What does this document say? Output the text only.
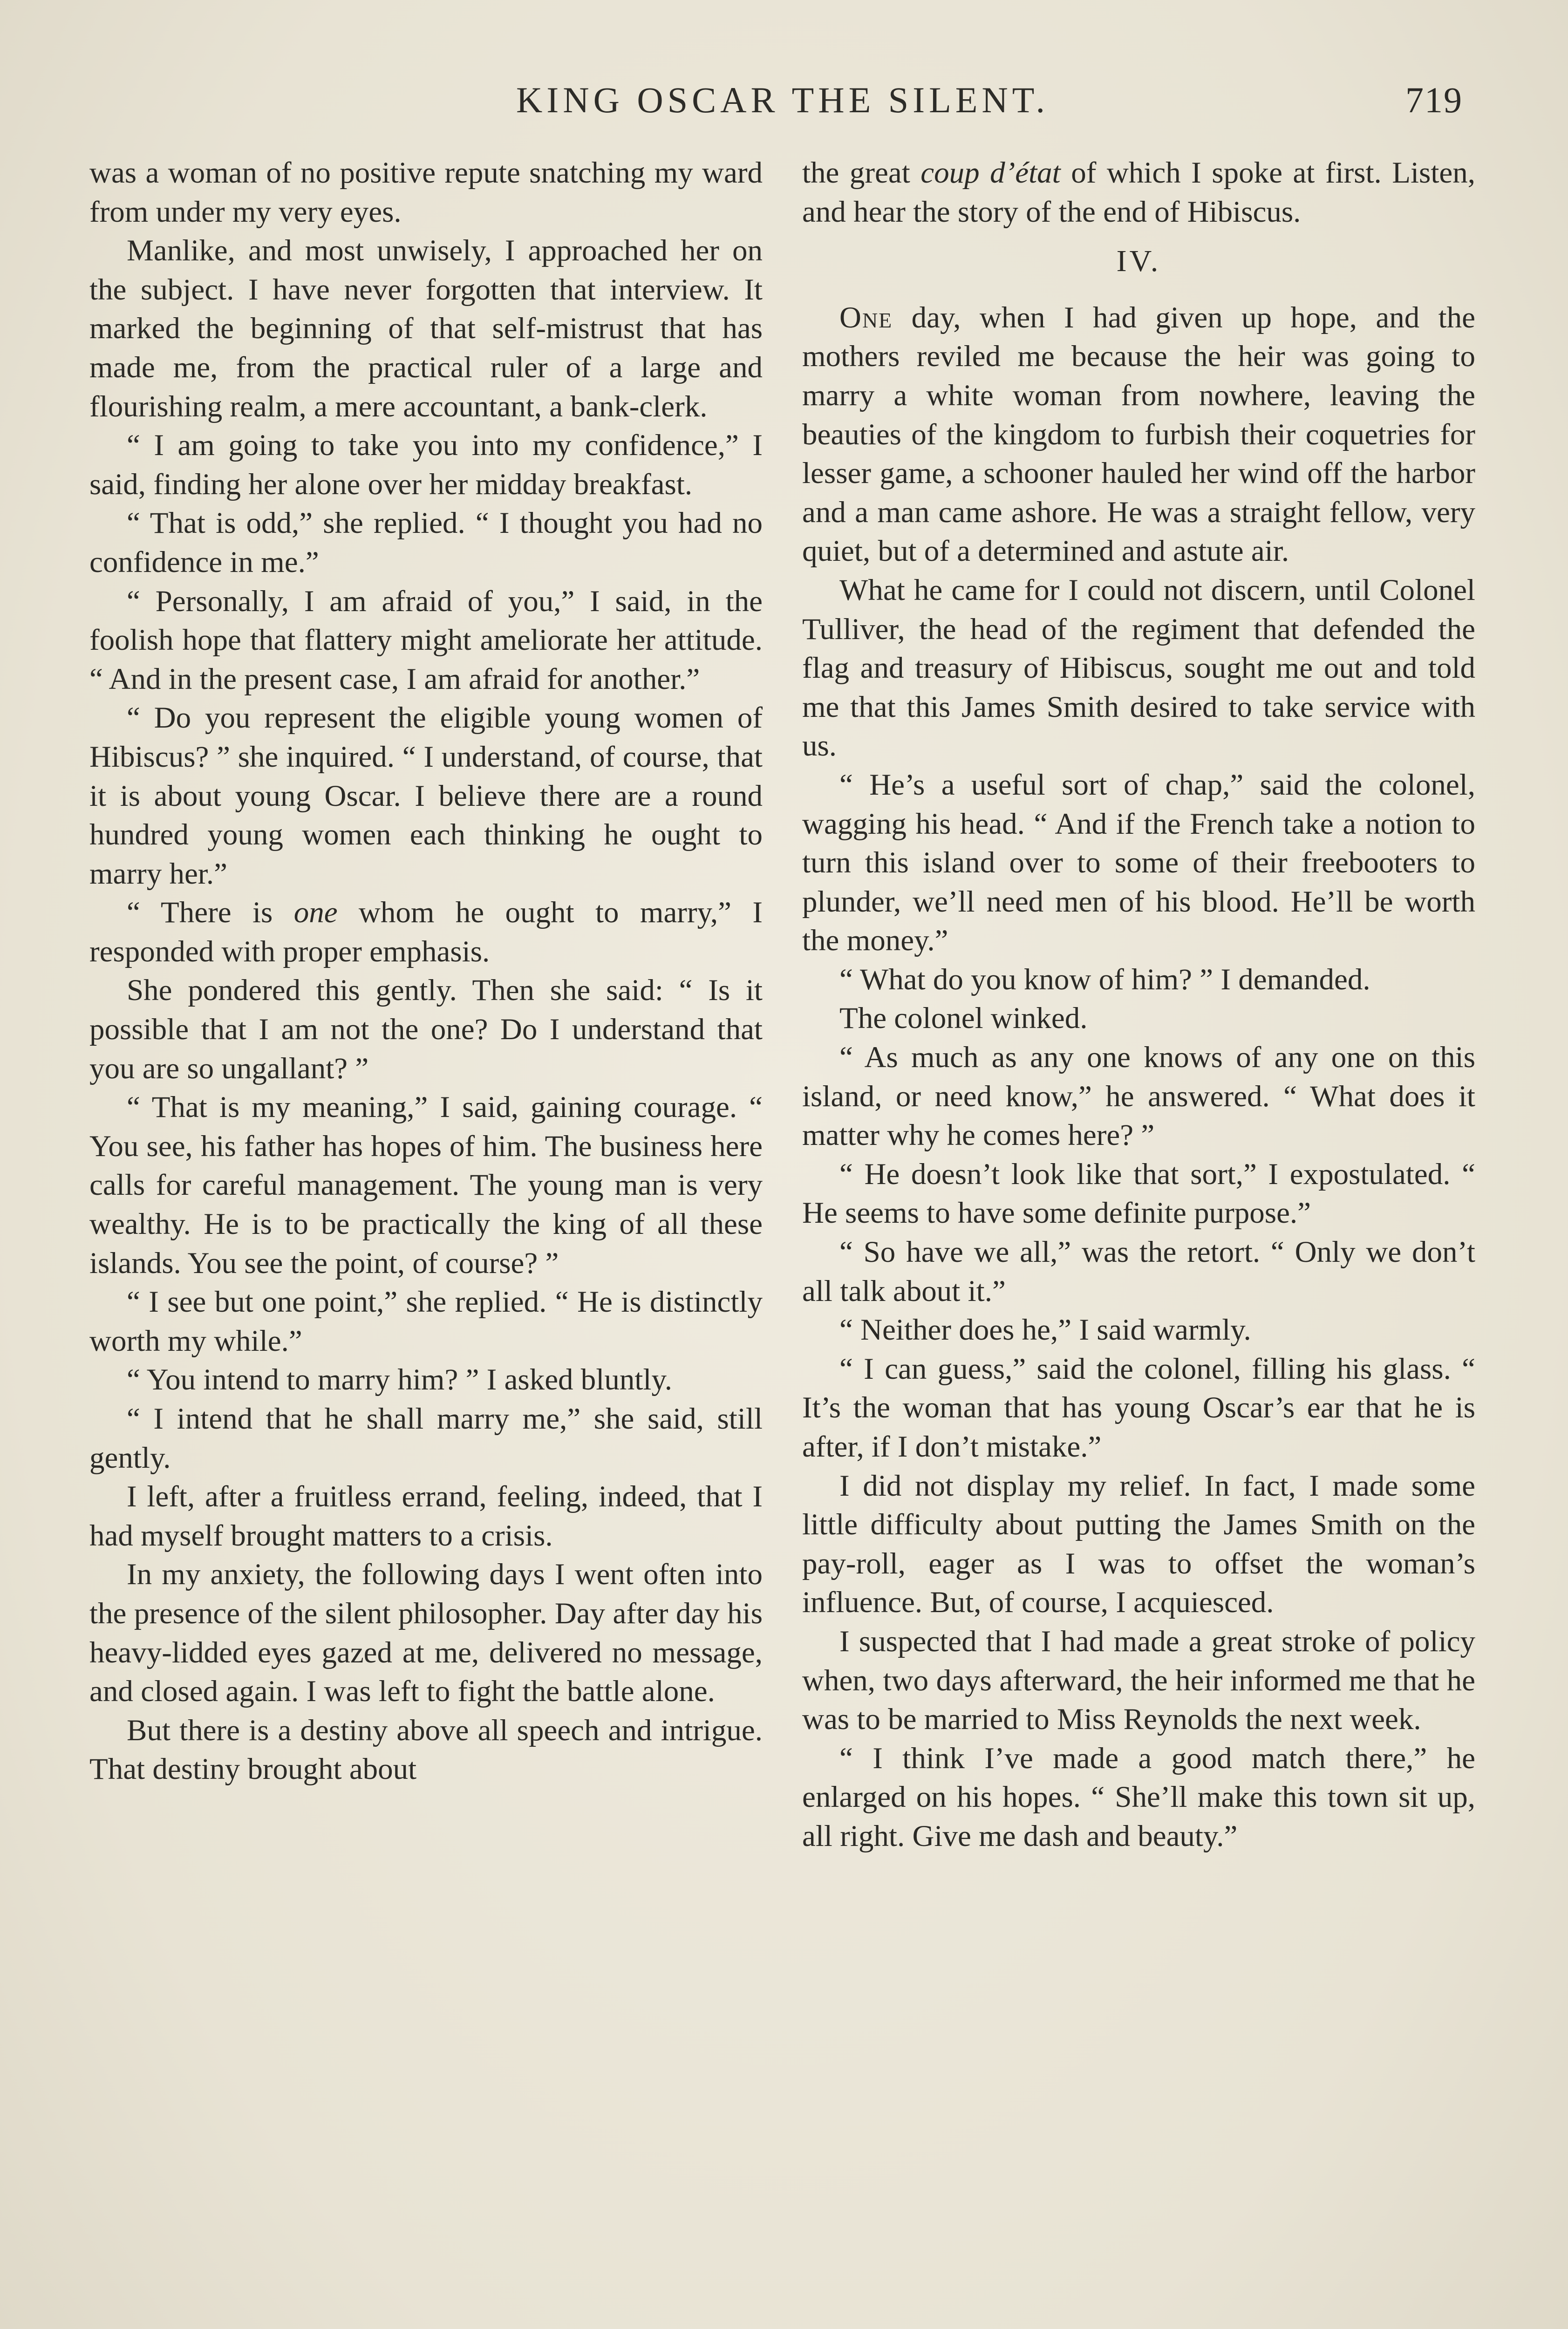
KING OSCAR THE SILENT.	719

was a woman of no positive repute snatching my ward from under my very eyes.

Manlike, and most unwisely, I approached her on the subject. I have never forgotten that interview. It marked the beginning of that self-mistrust that has made me, from the practical ruler of a large and flourishing realm, a mere accountant, a bank-clerk.

“ I am going to take you into my confidence,” I said, finding her alone over her midday breakfast.

“ That is odd,” she replied. “ I thought you had no confidence in me.”

“ Personally, I am afraid of you,” I said, in the foolish hope that flattery might ameliorate her attitude. “ And in the present case, I am afraid for another.”

“ Do you represent the eligible young women of Hibiscus? ” she inquired. “ I understand, of course, that it is about young Oscar. I believe there are a round hundred young women each thinking he ought to marry her.”

“ There is one whom he ought to marry,” I responded with proper emphasis.

She pondered this gently. Then she said: “ Is it possible that I am not the one? Do I understand that you are so ungallant? ”

“ That is my meaning,” I said, gaining courage. “ You see, his father has hopes of him. The business here calls for careful management. The young man is very wealthy. He is to be practically the king of all these islands. You see the point, of course? ”

“ I see but one point,” she replied. “ He is distinctly worth my while.”

“ You intend to marry him? ” I asked bluntly.

“ I intend that he shall marry me,” she said, still gently.

I left, after a fruitless errand, feeling, indeed, that I had myself brought matters to a crisis.

In my anxiety, the following days I went often into the presence of the silent philosopher. Day after day his heavy-lidded eyes gazed at me, delivered no message, and closed again. I was left to fight the battle alone.

But there is a destiny above all speech and intrigue. That destiny brought about

the great coup d’état of which I spoke at first. Listen, and hear the story of the end of Hibiscus.

IV.

One day, when I had given up hope, and the mothers reviled me because the heir was going to marry a white woman from nowhere, leaving the beauties of the kingdom to furbish their coquetries for lesser game, a schooner hauled her wind off the harbor and a man came ashore. He was a straight fellow, very quiet, but of a determined and astute air.

What he came for I could not discern, until Colonel Tulliver, the head of the regiment that defended the flag and treasury of Hibiscus, sought me out and told me that this James Smith desired to take service with us.

“ He’s a useful sort of chap,” said the colonel, wagging his head. “ And if the French take a notion to turn this island over to some of their freebooters to plunder, we’ll need men of his blood. He’ll be worth the money.”

“ What do you know of him? ” I demanded.

The colonel winked.

“ As much as any one knows of any one on this island, or need know,” he answered. “ What does it matter why he comes here? ”

“ He doesn’t look like that sort,” I expostulated. “ He seems to have some definite purpose.”

“ So have we all,” was the retort. “ Only we don’t all talk about it.”

“ Neither does he,” I said warmly.

“ I can guess,” said the colonel, filling his glass. “ It’s the woman that has young Oscar’s ear that he is after, if I don’t mistake.”

I did not display my relief. In fact, I made some little difficulty about putting the James Smith on the pay-roll, eager as I was to offset the woman’s influence. But, of course, I acquiesced.

I suspected that I had made a great stroke of policy when, two days afterward, the heir informed me that he was to be married to Miss Reynolds the next week.

“ I think I’ve made a good match there,” he enlarged on his hopes. “ She’ll make this town sit up, all right. Give me dash and beauty.”
